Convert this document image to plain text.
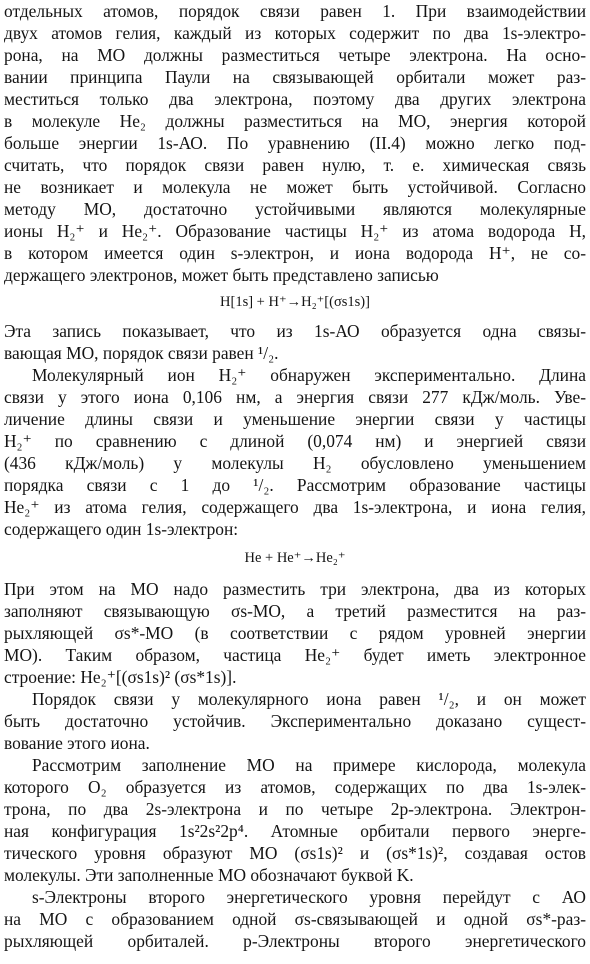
отдельных атомов, порядок связи равен 1. При взаимодействии
двух атомов гелия, каждый из которых содержит по два 1s-электро-
рона, на МО должны разместиться четыре электрона. На осно-
вании принципа Паули на связывающей орбитали может раз-
меститься только два электрона, поэтому два других электрона
в молекуле He₂ должны разместиться на МО, энергия которой
больше энергии 1s-АО. По уравнению (II.4) можно легко под-
считать, что порядок связи равен нулю, т. е. химическая связь
не возникает и молекула не может быть устойчивой. Согласно
методу МО, достаточно устойчивыми являются молекулярные
ионы H₂⁺ и He₂⁺. Образование частицы H₂⁺ из атома водорода H,
в котором имеется один s-электрон, и иона водорода H⁺, не со-
держащего электронов, может быть представлено записью
H[1s] + H⁺→H₂⁺[(σs1s)]
Эта запись показывает, что из 1s-АО образуется одна связы-
вающая МО, порядок связи равен ¹/₂.
Молекулярный ион H₂⁺ обнаружен экспериментально. Длина
связи у этого иона 0,106 нм, а энергия связи 277 кДж/моль. Уве-
личение длины связи и уменьшение энергии связи у частицы
H₂⁺ по сравнению с длиной (0,074 нм) и энергией связи
(436 кДж/моль) у молекулы H₂ обусловлено уменьшением
порядка связи с 1 до ¹/₂. Рассмотрим образование частицы
He₂⁺ из атома гелия, содержащего два 1s-электрона, и иона гелия,
содержащего один 1s-электрон:
He + He⁺→He₂⁺
При этом на МО надо разместить три электрона, два из которых
заполняют связывающую σs-МО, а третий разместится на раз-
рыхляющей σs*-МО (в соответствии с рядом уровней энергии
МО). Таким образом, частица He₂⁺ будет иметь электронное
строение: He₂⁺[(σs1s)² (σs*1s)].
Порядок связи у молекулярного иона равен ¹/₂, и он может
быть достаточно устойчив. Экспериментально доказано сущест-
вование этого иона.
Рассмотрим заполнение МО на примере кислорода, молекула
которого O₂ образуется из атомов, содержащих по два 1s-элек-
трона, по два 2s-электрона и по четыре 2p-электрона. Электрон-
ная конфигурация 1s²2s²2p⁴. Атомные орбитали первого энерге-
тического уровня образуют МО (σs1s)² и (σs*1s)², создавая остов
молекулы. Эти заполненные МО обозначают буквой K.
s-Электроны второго энергетического уровня перейдут с АО
на МО с образованием одной σs-связывающей и одной σs*-раз-
рыхляющей орбиталей. p-Электроны второго энергетического
